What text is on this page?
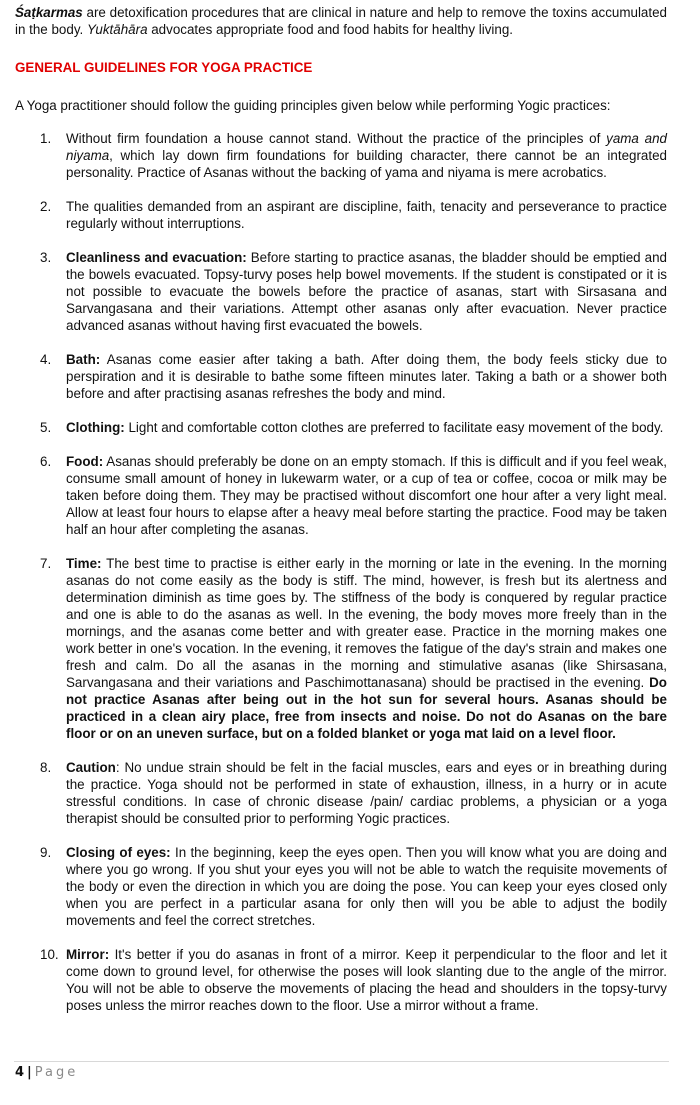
Śaṭkarmas are detoxification procedures that are clinical in nature and help to remove the toxins accumulated in the body. Yuktāhāra advocates appropriate food and food habits for healthy living.

GENERAL GUIDELINES FOR YOGA PRACTICE

A Yoga practitioner should follow the guiding principles given below while performing Yogic practices:

1. Without firm foundation a house cannot stand. Without the practice of the principles of yama and niyama, which lay down firm foundations for building character, there cannot be an integrated personality. Practice of Asanas without the backing of yama and niyama is mere acrobatics.
2. The qualities demanded from an aspirant are discipline, faith, tenacity and perseverance to practice regularly without interruptions.
3. Cleanliness and evacuation: Before starting to practice asanas, the bladder should be emptied and the bowels evacuated. Topsy-turvy poses help bowel movements. If the student is constipated or it is not possible to evacuate the bowels before the practice of asanas, start with Sirsasana and Sarvangasana and their variations. Attempt other asanas only after evacuation. Never practice advanced asanas without having first evacuated the bowels.
4. Bath: Asanas come easier after taking a bath. After doing them, the body feels sticky due to perspiration and it is desirable to bathe some fifteen minutes later. Taking a bath or a shower both before and after practising asanas refreshes the body and mind.
5. Clothing: Light and comfortable cotton clothes are preferred to facilitate easy movement of the body.
6. Food: Asanas should preferably be done on an empty stomach. If this is difficult and if you feel weak, consume small amount of honey in lukewarm water, or a cup of tea or coffee, cocoa or milk may be taken before doing them. They may be practised without discomfort one hour after a very light meal. Allow at least four hours to elapse after a heavy meal before starting the practice. Food may be taken half an hour after completing the asanas.
7. Time: The best time to practise is either early in the morning or late in the evening. In the morning asanas do not come easily as the body is stiff. The mind, however, is fresh but its alertness and determination diminish as time goes by. The stiffness of the body is conquered by regular practice and one is able to do the asanas as well. In the evening, the body moves more freely than in the mornings, and the asanas come better and with greater ease. Practice in the morning makes one work better in one's vocation. In the evening, it removes the fatigue of the day's strain and makes one fresh and calm. Do all the asanas in the morning and stimulative asanas (like Shirsasana, Sarvangasana and their variations and Paschimottanasana) should be practised in the evening. Do not practice Asanas after being out in the hot sun for several hours. Asanas should be practiced in a clean airy place, free from insects and noise. Do not do Asanas on the bare floor or on an uneven surface, but on a folded blanket or yoga mat laid on a level floor.
8. Caution: No undue strain should be felt in the facial muscles, ears and eyes or in breathing during the practice. Yoga should not be performed in state of exhaustion, illness, in a hurry or in acute stressful conditions. In case of chronic disease /pain/ cardiac problems, a physician or a yoga therapist should be consulted prior to performing Yogic practices.
9. Closing of eyes: In the beginning, keep the eyes open. Then you will know what you are doing and where you go wrong. If you shut your eyes you will not be able to watch the requisite movements of the body or even the direction in which you are doing the pose. You can keep your eyes closed only when you are perfect in a particular asana for only then will you be able to adjust the bodily movements and feel the correct stretches.
10. Mirror: It's better if you do asanas in front of a mirror. Keep it perpendicular to the floor and let it come down to ground level, for otherwise the poses will look slanting due to the angle of the mirror. You will not be able to observe the movements of placing the head and shoulders in the topsy-turvy poses unless the mirror reaches down to the floor. Use a mirror without a frame.
4 | Page
